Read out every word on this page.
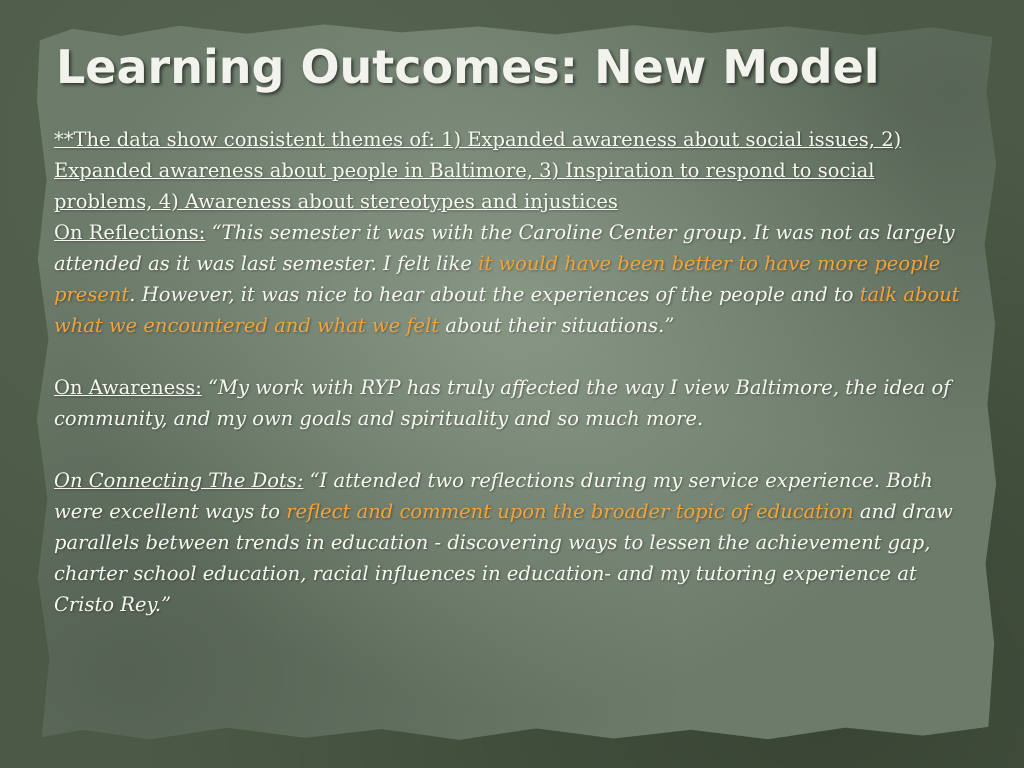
Learning Outcomes: New Model

**The data show consistent themes of: 1) Expanded awareness about social issues, 2) Expanded awareness about people in Baltimore, 3) Inspiration to respond to social problems, 4) Awareness about stereotypes and injustices

On Reflections: “This semester it was with the Caroline Center group. It was not as largely attended as it was last semester. I felt like it would have been better to have more people present. However, it was nice to hear about the experiences of the people and to talk about what we encountered and what we felt about their situations.”

On Awareness: “My work with RYP has truly affected the way I view Baltimore, the idea of community, and my own goals and spirituality and so much more.

On Connecting The Dots: “I attended two reflections during my service experience. Both were excellent ways to reflect and comment upon the broader topic of education and draw parallels between trends in education - discovering ways to lessen the achievement gap, charter school education, racial influences in education- and my tutoring experience at Cristo Rey.”
